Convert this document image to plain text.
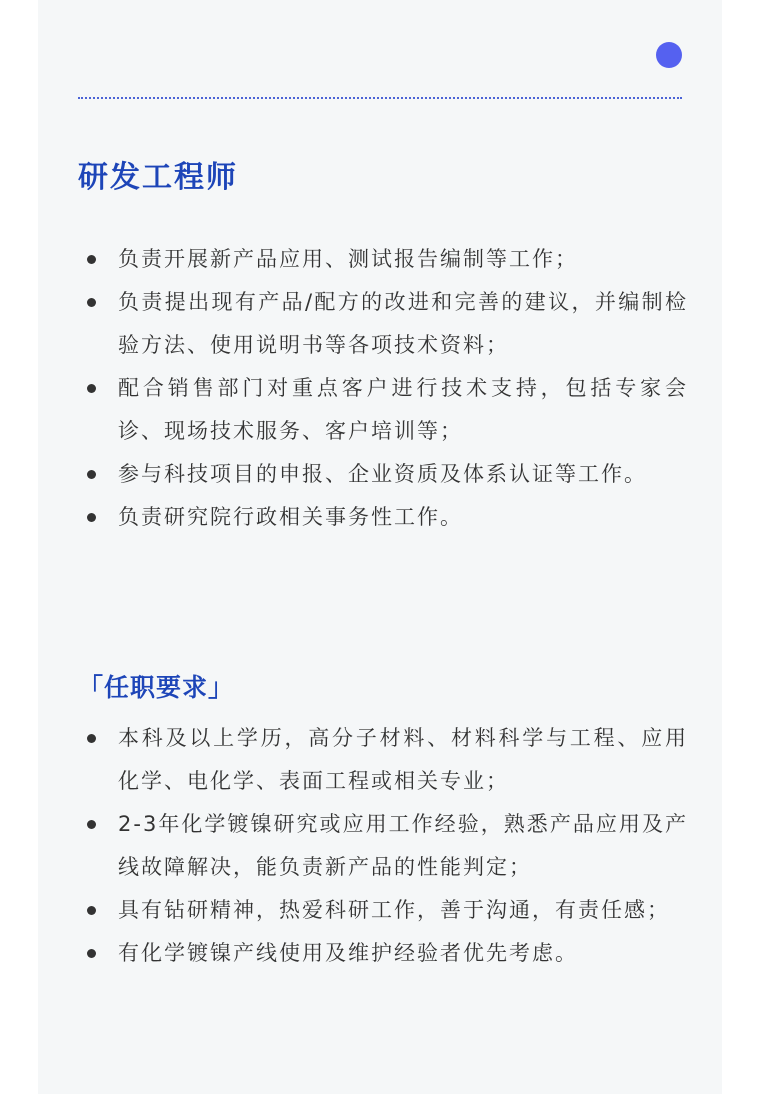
研发工程师
负责开展新产品应用、测试报告编制等工作；
负责提出现有产品/配方的改进和完善的建议，并编制检验方法、使用说明书等各项技术资料；
配合销售部门对重点客户进行技术支持，包括专家会诊、现场技术服务、客户培训等；
参与科技项目的申报、企业资质及体系认证等工作。
负责研究院行政相关事务性工作。
「任职要求」
本科及以上学历，高分子材料、材料科学与工程、应用化学、电化学、表面工程或相关专业；
2-3年化学镀镍研究或应用工作经验，熟悉产品应用及产线故障解决，能负责新产品的性能判定；
具有钻研精神，热爱科研工作，善于沟通，有责任感；
有化学镀镍产线使用及维护经验者优先考虑。
